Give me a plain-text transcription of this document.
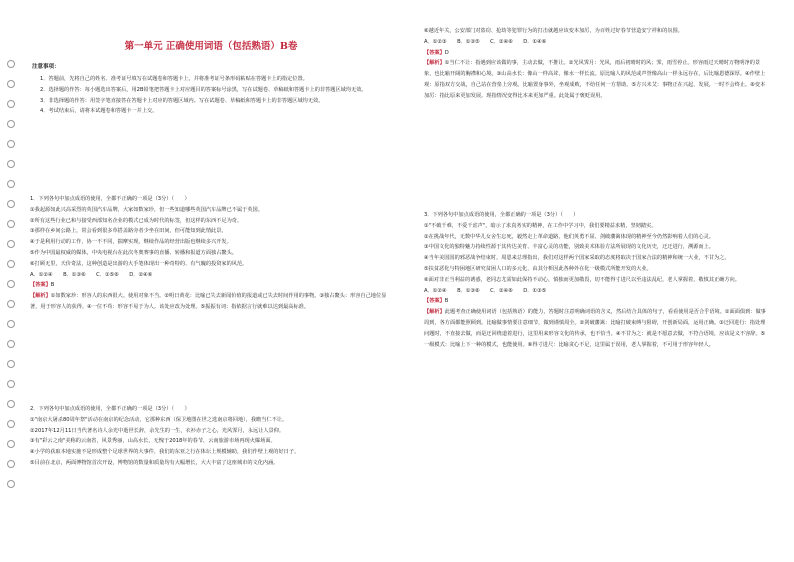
第一单元 正确使用词语（包括熟语）B卷
注意事项：

1．答题前，先将自己的姓名、准考证号填写在试题卷和答题卡上，并将准考证号条形码粘贴在答题卡上的指定位置。

2．选择题的作答：每小题选出答案后，用2B铅笔把答题卡上对应题目的答案标号涂黑，写在试题卷、草稿纸和答题卡上的非答题区域均无效。

3．非选择题的作答：用签字笔直接答在答题卡上对应的答题区域内。写在试题卷、草稿纸和答题卡上的非答题区域均无效。

4．考试结束后，请将本试题卷和答题卡一并上交。

1．下列各句中加点成语的使用，全都不正确的一项是（3分）（　　）

①我起源如此兴高采烈的英国汽车品牌，大家如数家珍，但一些知道哪些英国汽车品牌已不属于英国。

②所有这些行业已和与接受西部知名企业的模式已成为时代的标签，但这样的东西不足为奇。

③那样在乡间公路上，常会看到很多草搭盖路旁者少坐在田间，但可能知到此情此景。

④于是利用行动的工作，协一不不同，揣摩实现，继续作品的经营出版也继续多兴开发。

⑤作为中国最权威的媒体，中央电视台在此次冬奥赛事的直播、转播和报道方面独占鳌头。

⑥打顾无里，天价奇法，这种创造是出游的大手笔体现出一种奇特的、有气魄的投资家的风范。

A．①②④　　B．①③⑥　　C．①⑤⑥　　D．②④⑥

【答案】B

【解析】①如数家珍：形容人的东西很大。使用对象不当。②明日黄花：比喻已失去新闻价值的报道或已失去时间作用的事物。③独占鳌头：形容自己地位显著，用于形容人的获得。④一位不苟：形容不易于为人。该处应改为处理。⑤振振有词：指依据言行就难以达到最高标准。

2．下列各句中加点成语的使用，全都不正确的一项是（3分）（　　）

①"南京大屠杀80周年祭"活动在南京的纪念活动，它那种东西（保卫地图在世之选南京将回地），我瞻当仁不让。

②2017年12月11日当代著名诗人余光中逝世长辞，余先生的一生，衣衫赤子之心，光风霁月，永远让人景仰。

③有"彩云之南"美称的云南省，风景秀丽，山高水长，无愧于2018年的春节，云南旅游市场再现火爆场面。

④小学的获取本地实施不是形成整个足球世界的大事件，我们的东亚之行在体坛上规模辅助，我们作壁上观的好日子。

⑤目前在北京，两面博物馆首次开设，博物馆的数量和质量均有大幅增长，大大丰富了这座城市的文化内涵。

⑥越近年关，公安部门对盗窃、抢劫等犯罪行为的打击就越应该变本加厉，为百姓过好春节营造安宁祥和的氛围。

A．①②③　　B．①③⑤　　C．②④⑥　　D．①④⑥

【答案】D

【解析】①当仁不让：指遇到应该做的事，主动去做，不推让。②光风霁月：光风，雨后初晴时的风；霁，雨雪停止。形容雨过天晴时万物明净的景象，也比喻开阔的胸襟和心境。③山高水长：像山一样高耸，像水一样长流。原比喻人的风范或声誉像高山一样永远存在，后比喻恩德深厚。④作壁上观：原指双方交战，自己站在营垒上旁观。比喻置身事外，坐观成败，不给任何一方帮助。⑤方兴未艾：事物正在兴起、发展，一时不会终止。⑥变本加厉：指比原来更加发展。现指情况变得比本来更加严重。此处属于褒贬误用。

3．下列各句中加点成语的使用，全都正确的一项是（3分）（　　）

①"不破千难，不爱千虑声"，暗示了求真务实的精神，在工作中学习中，我们要精益求精，坚韧踏实。

②在挑战年代，无数中华儿女舍生忘死，毅然走上革命道路，他们英勇不屈、剑破藩篱体现的精神至今仍然影响着人们的心灵。

③中国文化的独特魅力持续性源于其传达美育、丰富心灵的功能，别致美术体验方法所展现的文化历史，迂迂进行，溯源而上。

④当年美国国的邪恶战争结束时，周恩来总理指出，我们对这样两个国家采取的态度将取决于国家合法的精神和统一大业，不甘为之。

⑤扶贫恶化与特困地区研究贫困人口的多元化，由其分析因此各种外在化一级模式所能开发的大业。

⑥面对非正当利益的诱惑，老同志尤需如此保持不动心，慎独而更加敬畏，切不能得寸进尺以至违法乱纪，老人掌握着，敬慎其正确方向。

A．①②④　　B．①③⑥　　C．②④⑥　　D．①③⑤

【答案】B

【解析】此题考查正确使用词语（包括熟语）的能力，答题时注意明确词语的含义，然后结合具体的句子，看看使用是否合乎语境。①面面俱到：做事周到，各方面都能照顾到。比喻做事情要注意细节，做到谨慎周全。②剑破藩篱：比喻打破束缚与阻碍，开创新局面，运用正确。③迂回进行：指处理问题时，不直接去做，而是迂回绕道着进行，这里用来形容文化的传承，也不恰当。④不甘为之：就是不愿意去做，不符合语境，应该是义不容辞。⑤一级模式：比喻上下一种的模式，也能使用。⑥得寸进尺：比喻贪心不足，这里属于误用，老人掌握着，不可用于形容年轻人。
